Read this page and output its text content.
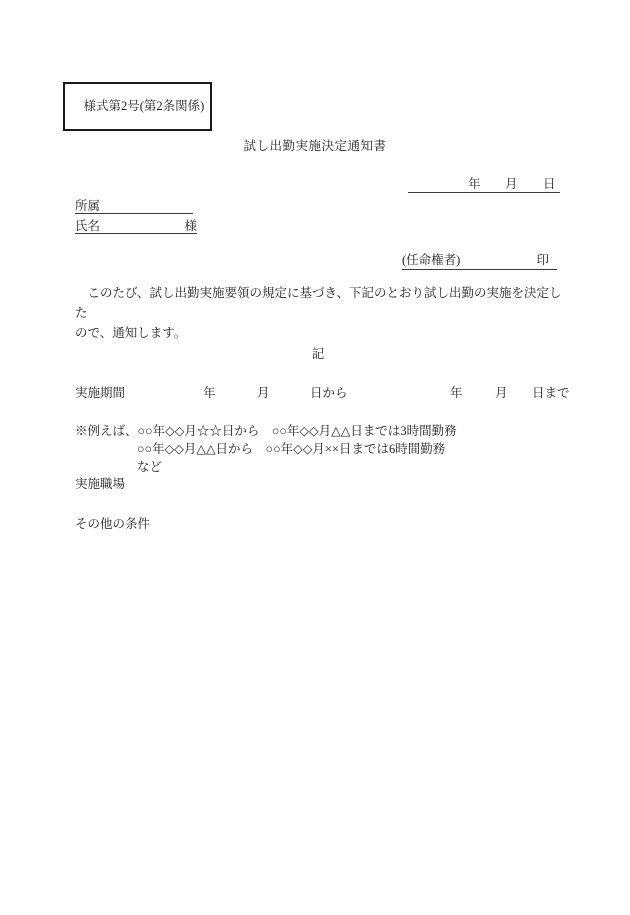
様式第2号(第2条関係)

試し出勤実施決定通知書
年 月 日
所属
氏名	様
(任命権者)	印
　このたび、試し出勤実施要領の規定に基づき、下記のとおり試し出勤の実施を決定した
ので、通知します。
記
実施期間	年	月	日から	年	月 日まで
※例えば、○○年◇◇月☆☆日から　○○年◇◇月△△日までは3時間勤務
○○年◇◇月△△日から　○○年◇◇月××日までは6時間勤務
など
実施職場
その他の条件
